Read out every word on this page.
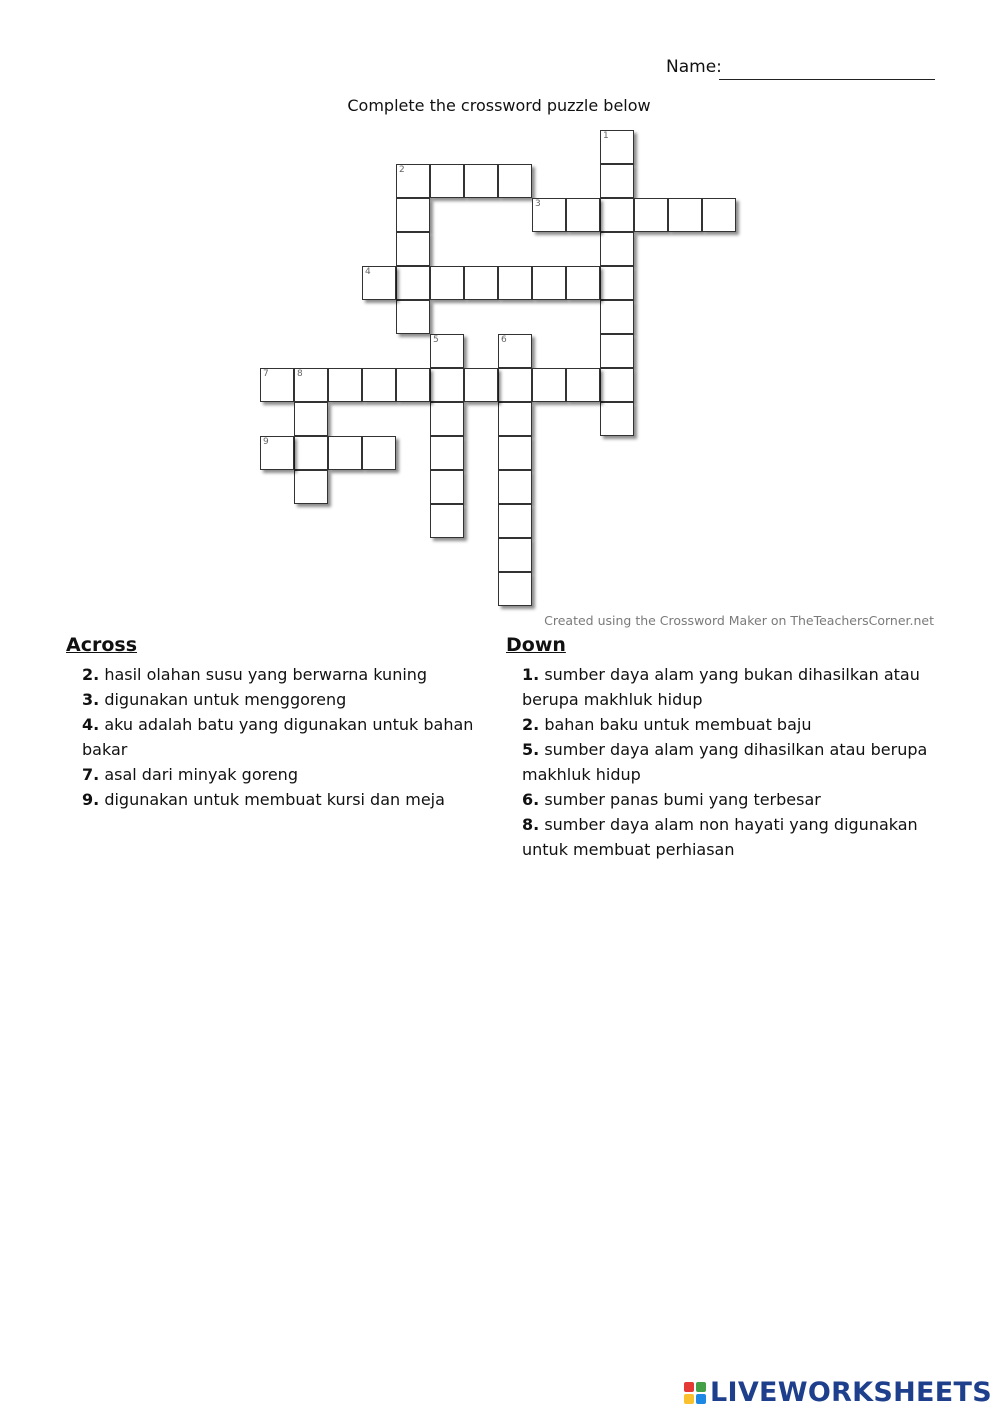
Name:
Complete the crossword puzzle below
1
2
3
4
5	6
7	8
9
Created using the Crossword Maker on TheTeachersCorner.net
Across
2. hasil olahan susu yang berwarna kuning
3. digunakan untuk menggoreng
4. aku adalah batu yang digunakan untuk bahan bakar
7. asal dari minyak goreng
9. digunakan untuk membuat kursi dan meja
Down
1. sumber daya alam yang bukan dihasilkan atau berupa makhluk hidup
2. bahan baku untuk membuat baju
5. sumber daya alam yang dihasilkan atau berupa makhluk hidup
6. sumber panas bumi yang terbesar
8. sumber daya alam non hayati yang digunakan untuk membuat perhiasan
LIVEWORKSHEETS
